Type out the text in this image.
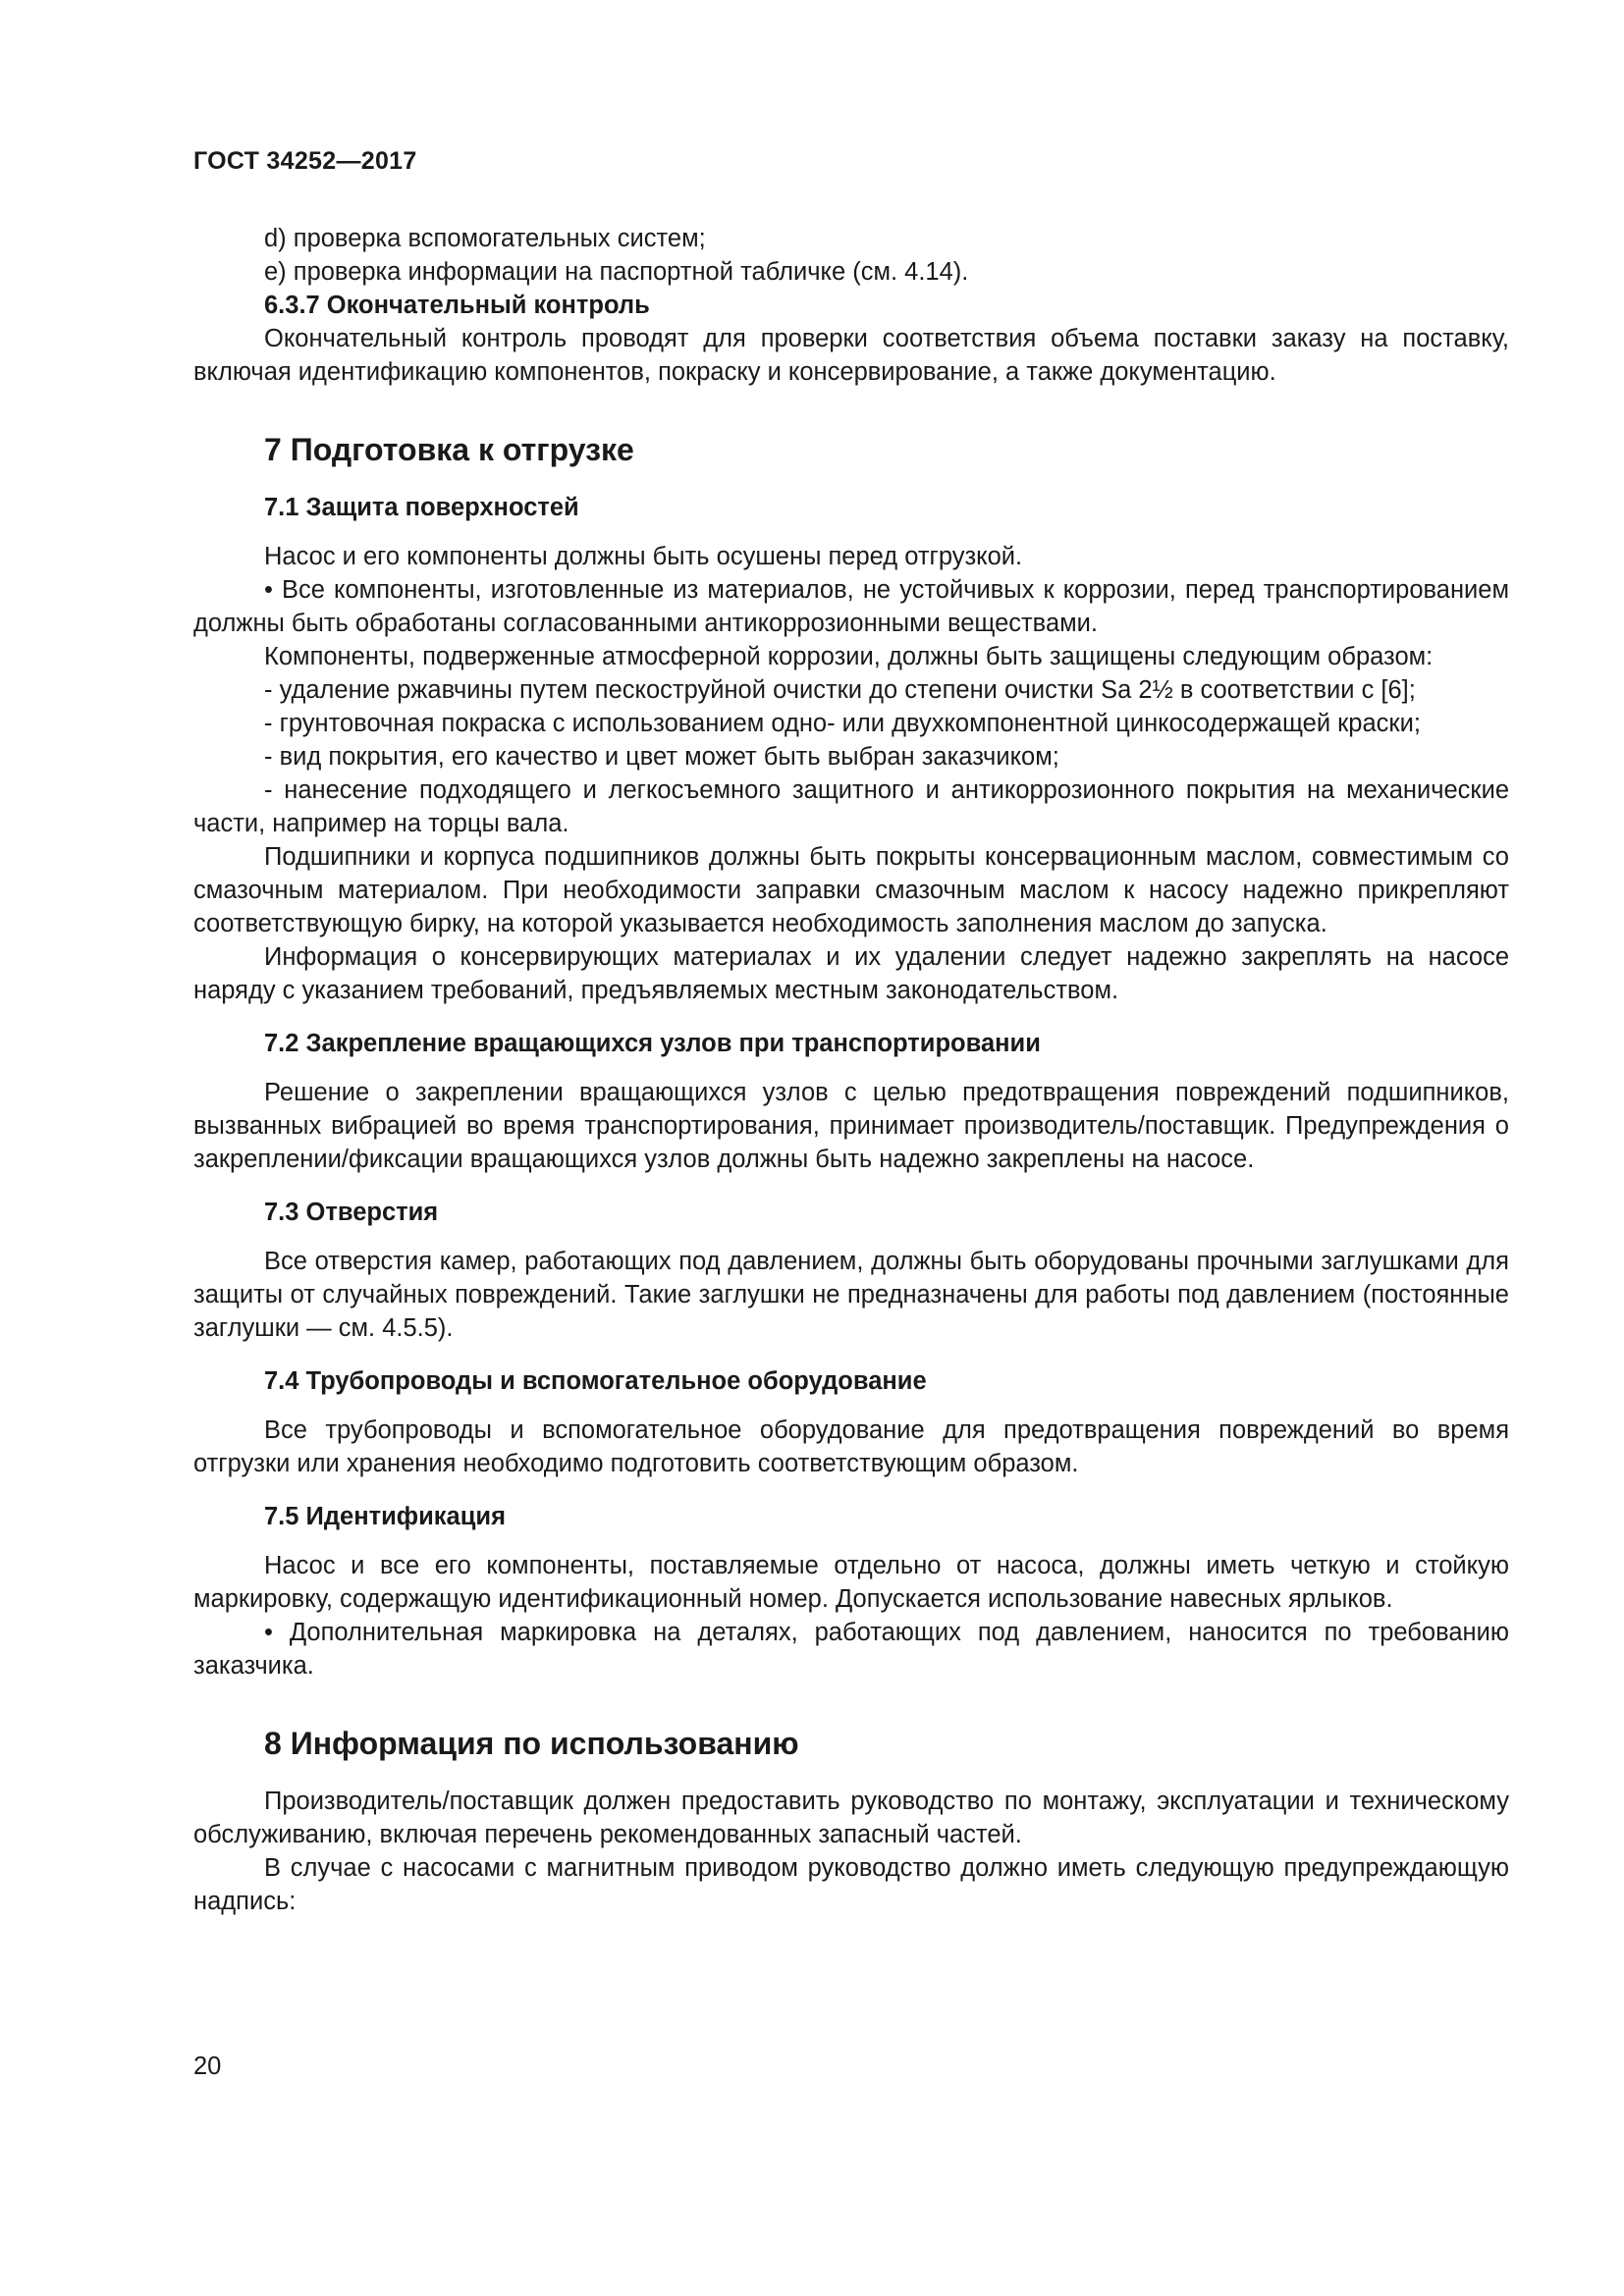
ГОСТ 34252—2017

d) проверка вспомогательных систем;

e) проверка информации на паспортной табличке (см. 4.14).

6.3.7 Окончательный контроль

Окончательный контроль проводят для проверки соответствия объема поставки заказу на поставку, включая идентификацию компонентов, покраску и консервирование, а также документацию.

7 Подготовка к отгрузке
7.1 Защита поверхностей

Насос и его компоненты должны быть осушены перед отгрузкой.

• Все компоненты, изготовленные из материалов, не устойчивых к коррозии, перед транспортированием должны быть обработаны согласованными антикоррозионными веществами.

Компоненты, подверженные атмосферной коррозии, должны быть защищены следующим образом:

- удаление ржавчины путем пескоструйной очистки до степени очистки Sa 2½ в соответствии с [6];

- грунтовочная покраска с использованием одно- или двухкомпонентной цинкосодержащей краски;

- вид покрытия, его качество и цвет может быть выбран заказчиком;

- нанесение подходящего и легкосъемного защитного и антикоррозионного покрытия на механические части, например на торцы вала.

Подшипники и корпуса подшипников должны быть покрыты консервационным маслом, совместимым со смазочным материалом. При необходимости заправки смазочным маслом к насосу надежно прикрепляют соответствующую бирку, на которой указывается необходимость заполнения маслом до запуска.

Информация о консервирующих материалах и их удалении следует надежно закреплять на насосе наряду с указанием требований, предъявляемых местным законодательством.

7.2 Закрепление вращающихся узлов при транспортировании

Решение о закреплении вращающихся узлов с целью предотвращения повреждений подшипников, вызванных вибрацией во время транспортирования, принимает производитель/поставщик. Предупреждения о закреплении/фиксации вращающихся узлов должны быть надежно закреплены на насосе.

7.3 Отверстия

Все отверстия камер, работающих под давлением, должны быть оборудованы прочными заглушками для защиты от случайных повреждений. Такие заглушки не предназначены для работы под давлением (постоянные заглушки — см. 4.5.5).

7.4 Трубопроводы и вспомогательное оборудование

Все трубопроводы и вспомогательное оборудование для предотвращения повреждений во время отгрузки или хранения необходимо подготовить соответствующим образом.

7.5 Идентификация

Насос и все его компоненты, поставляемые отдельно от насоса, должны иметь четкую и стойкую маркировку, содержащую идентификационный номер. Допускается использование навесных ярлыков.

• Дополнительная маркировка на деталях, работающих под давлением, наносится по требованию заказчика.

8 Информация по использованию

Производитель/поставщик должен предоставить руководство по монтажу, эксплуатации и техническому обслуживанию, включая перечень рекомендованных запасный частей.

В случае с насосами с магнитным приводом руководство должно иметь следующую предупреждающую надпись:

20
